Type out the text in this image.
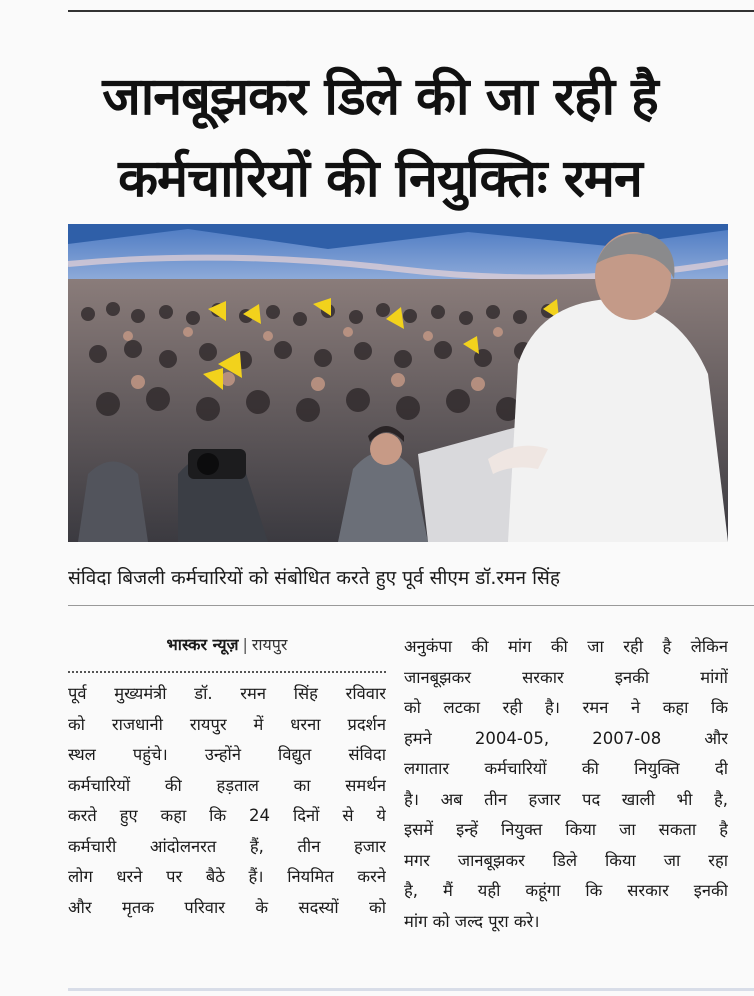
जानबूझकर डिले की जा रही है
कर्मचारियों की नियुक्तिः रमन
संविदा बिजली कर्मचारियों को संबोधित करते हुए पूर्व सीएम डॉ.रमन सिंह
भास्कर न्यूज़ | रायपुर
पूर्व मुख्यमंत्री डॉ. रमन सिंह रविवार
को राजधानी रायपुर में धरना प्रदर्शन
स्थल पहुंचे। उन्होंने विद्युत संविदा
कर्मचारियों की हड़ताल का समर्थन
करते हुए कहा कि 24 दिनों से ये
कर्मचारी आंदोलनरत हैं, तीन हजार
लोग धरने पर बैठे हैं। नियमित करने
और मृतक परिवार के सदस्यों को
अनुकंपा की मांग की जा रही है लेकिन
जानबूझकर सरकार इनकी मांगों
को लटका रही है। रमन ने कहा कि
हमने 2004-05, 2007-08 और
लगातार कर्मचारियों की नियुक्ति दी
है। अब तीन हजार पद खाली भी है,
इसमें इन्हें नियुक्त किया जा सकता है
मगर जानबूझकर डिले किया जा रहा
है, मैं यही कहूंगा कि सरकार इनकी
मांग को जल्द पूरा करे।
